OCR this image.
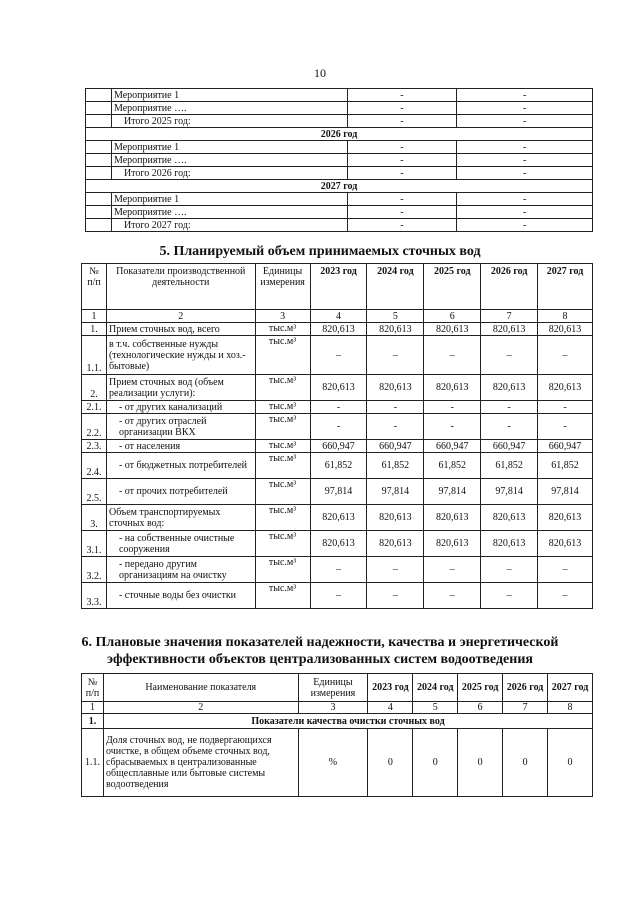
10
	Мероприятие 1	-	-
	Мероприятие ….	-	-
	Итого 2025 год:	-	-
2026 год			
	Мероприятие 1	-	-
	Мероприятие ….	-	-
	Итого 2026 год:	-	-
2027 год			
	Мероприятие 1	-	-
	Мероприятие ….	-	-
	Итого 2027 год:	-	-
5. Планируемый объем принимаемых сточных вод
№ п/п	Показатели производственной деятельности	Единицы измерения	2023 год	2024 год	2025 год	2026 год	2027 год
1	2	3	4	5	6	7	8
1.	Прием сточных вод, всего	тыс.м³	820,613	820,613	820,613	820,613	820,613
1.1.	в т.ч. собственные нужды (технологические нужды и хоз.-бытовые)	тыс.м³	–	–	–	–	–
2.	Прием сточных вод (объем реализации услуги):	тыс.м³	820,613	820,613	820,613	820,613	820,613
2.1.	- от других канализаций	тыс.м³	-	-	-	-	-
2.2.	- от других отраслей организации ВКХ	тыс.м³	-	-	-	-	-
2.3.	- от населения	тыс.м³	660,947	660,947	660,947	660,947	660,947
2.4.	- от бюджетных потребителей	тыс.м³	61,852	61,852	61,852	61,852	61,852
2.5.	- от прочих потребителей	тыс.м³	97,814	97,814	97,814	97,814	97,814
3.	Объем транспортируемых сточных вод:	тыс.м³	820,613	820,613	820,613	820,613	820,613
3.1.	- на собственные очистные сооружения	тыс.м³	820,613	820,613	820,613	820,613	820,613
3.2.	- передано другим организациям на очистку	тыс.м³	–	–	–	–	–
3.3.	- сточные воды без очистки	тыс.м³	–	–	–	–	–
6. Плановые значения показателей надежности, качества и энергетической
эффективности объектов централизованных систем водоотведения
№ п/п	Наименование показателя	Единицы измерения	2023 год	2024 год	2025 год	2026 год	2027 год
1	2	3	4	5	6	7	8
1.	Показатели качества очистки сточных вод						
1.1.	Доля сточных вод, не подвергающихся очистке, в общем объеме сточных вод, сбрасываемых в централизованные общесплавные или бытовые системы водоотведения	%	0	0	0	0	0
